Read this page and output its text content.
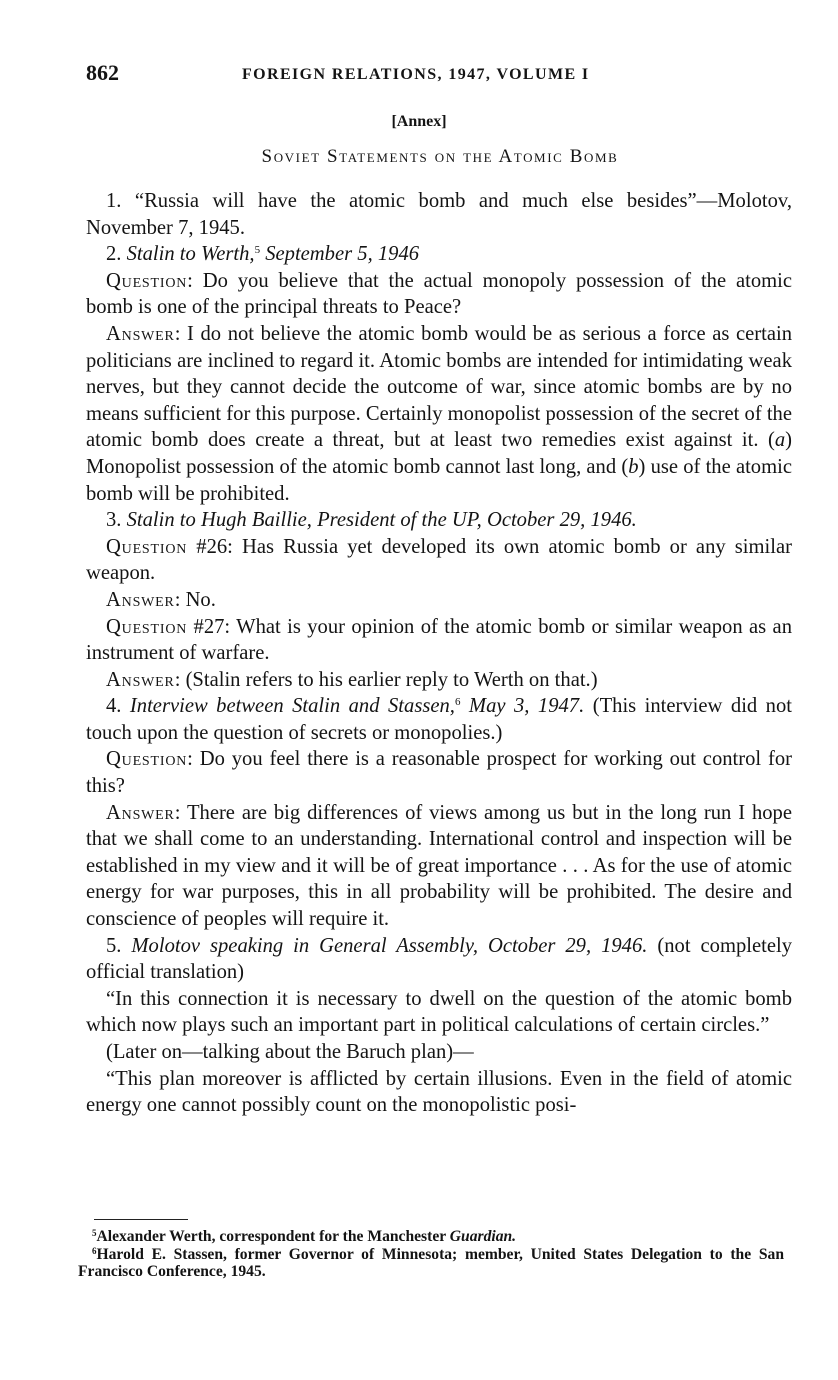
862	FOREIGN RELATIONS, 1947, VOLUME I
[Annex]
Soviet Statements on the Atomic Bomb

1. “Russia will have the atomic bomb and much else besides”—Molotov, November 7, 1945.

2. Stalin to Werth,$^5$ September 5, 1946

Question: Do you believe that the actual monopoly possession of the atomic bomb is one of the principal threats to Peace?

Answer: I do not believe the atomic bomb would be as serious a force as certain politicians are inclined to regard it. Atomic bombs are intended for intimidating weak nerves, but they cannot decide the outcome of war, since atomic bombs are by no means sufficient for this purpose. Certainly monopolist possession of the secret of the atomic bomb does create a threat, but at least two remedies exist against it. (a) Monopolist possession of the atomic bomb cannot last long, and (b) use of the atomic bomb will be prohibited.

3. Stalin to Hugh Baillie, President of the UP, October 29, 1946.

Question #26: Has Russia yet developed its own atomic bomb or any similar weapon.

Answer: No.

Question #27: What is your opinion of the atomic bomb or similar weapon as an instrument of warfare.

Answer: (Stalin refers to his earlier reply to Werth on that.)

4. Interview between Stalin and Stassen,$^6$ May 3, 1947. (This interview did not touch upon the question of secrets or monopolies.)

Question: Do you feel there is a reasonable prospect for working out control for this?

Answer: There are big differences of views among us but in the long run I hope that we shall come to an understanding. International control and inspection will be established in my view and it will be of great importance . . . As for the use of atomic energy for war purposes, this in all probability will be prohibited. The desire and conscience of peoples will require it.

5. Molotov speaking in General Assembly, October 29, 1946. (not completely official translation)

“In this connection it is necessary to dwell on the question of the atomic bomb which now plays such an important part in political calculations of certain circles.”

(Later on—talking about the Baruch plan)—

“This plan moreover is afflicted by certain illusions. Even in the field of atomic energy one cannot possibly count on the monopolistic posi-

$^5$Alexander Werth, correspondent for the Manchester Guardian.

$^6$Harold E. Stassen, former Governor of Minnesota; member, United States Delegation to the San Francisco Conference, 1945.
